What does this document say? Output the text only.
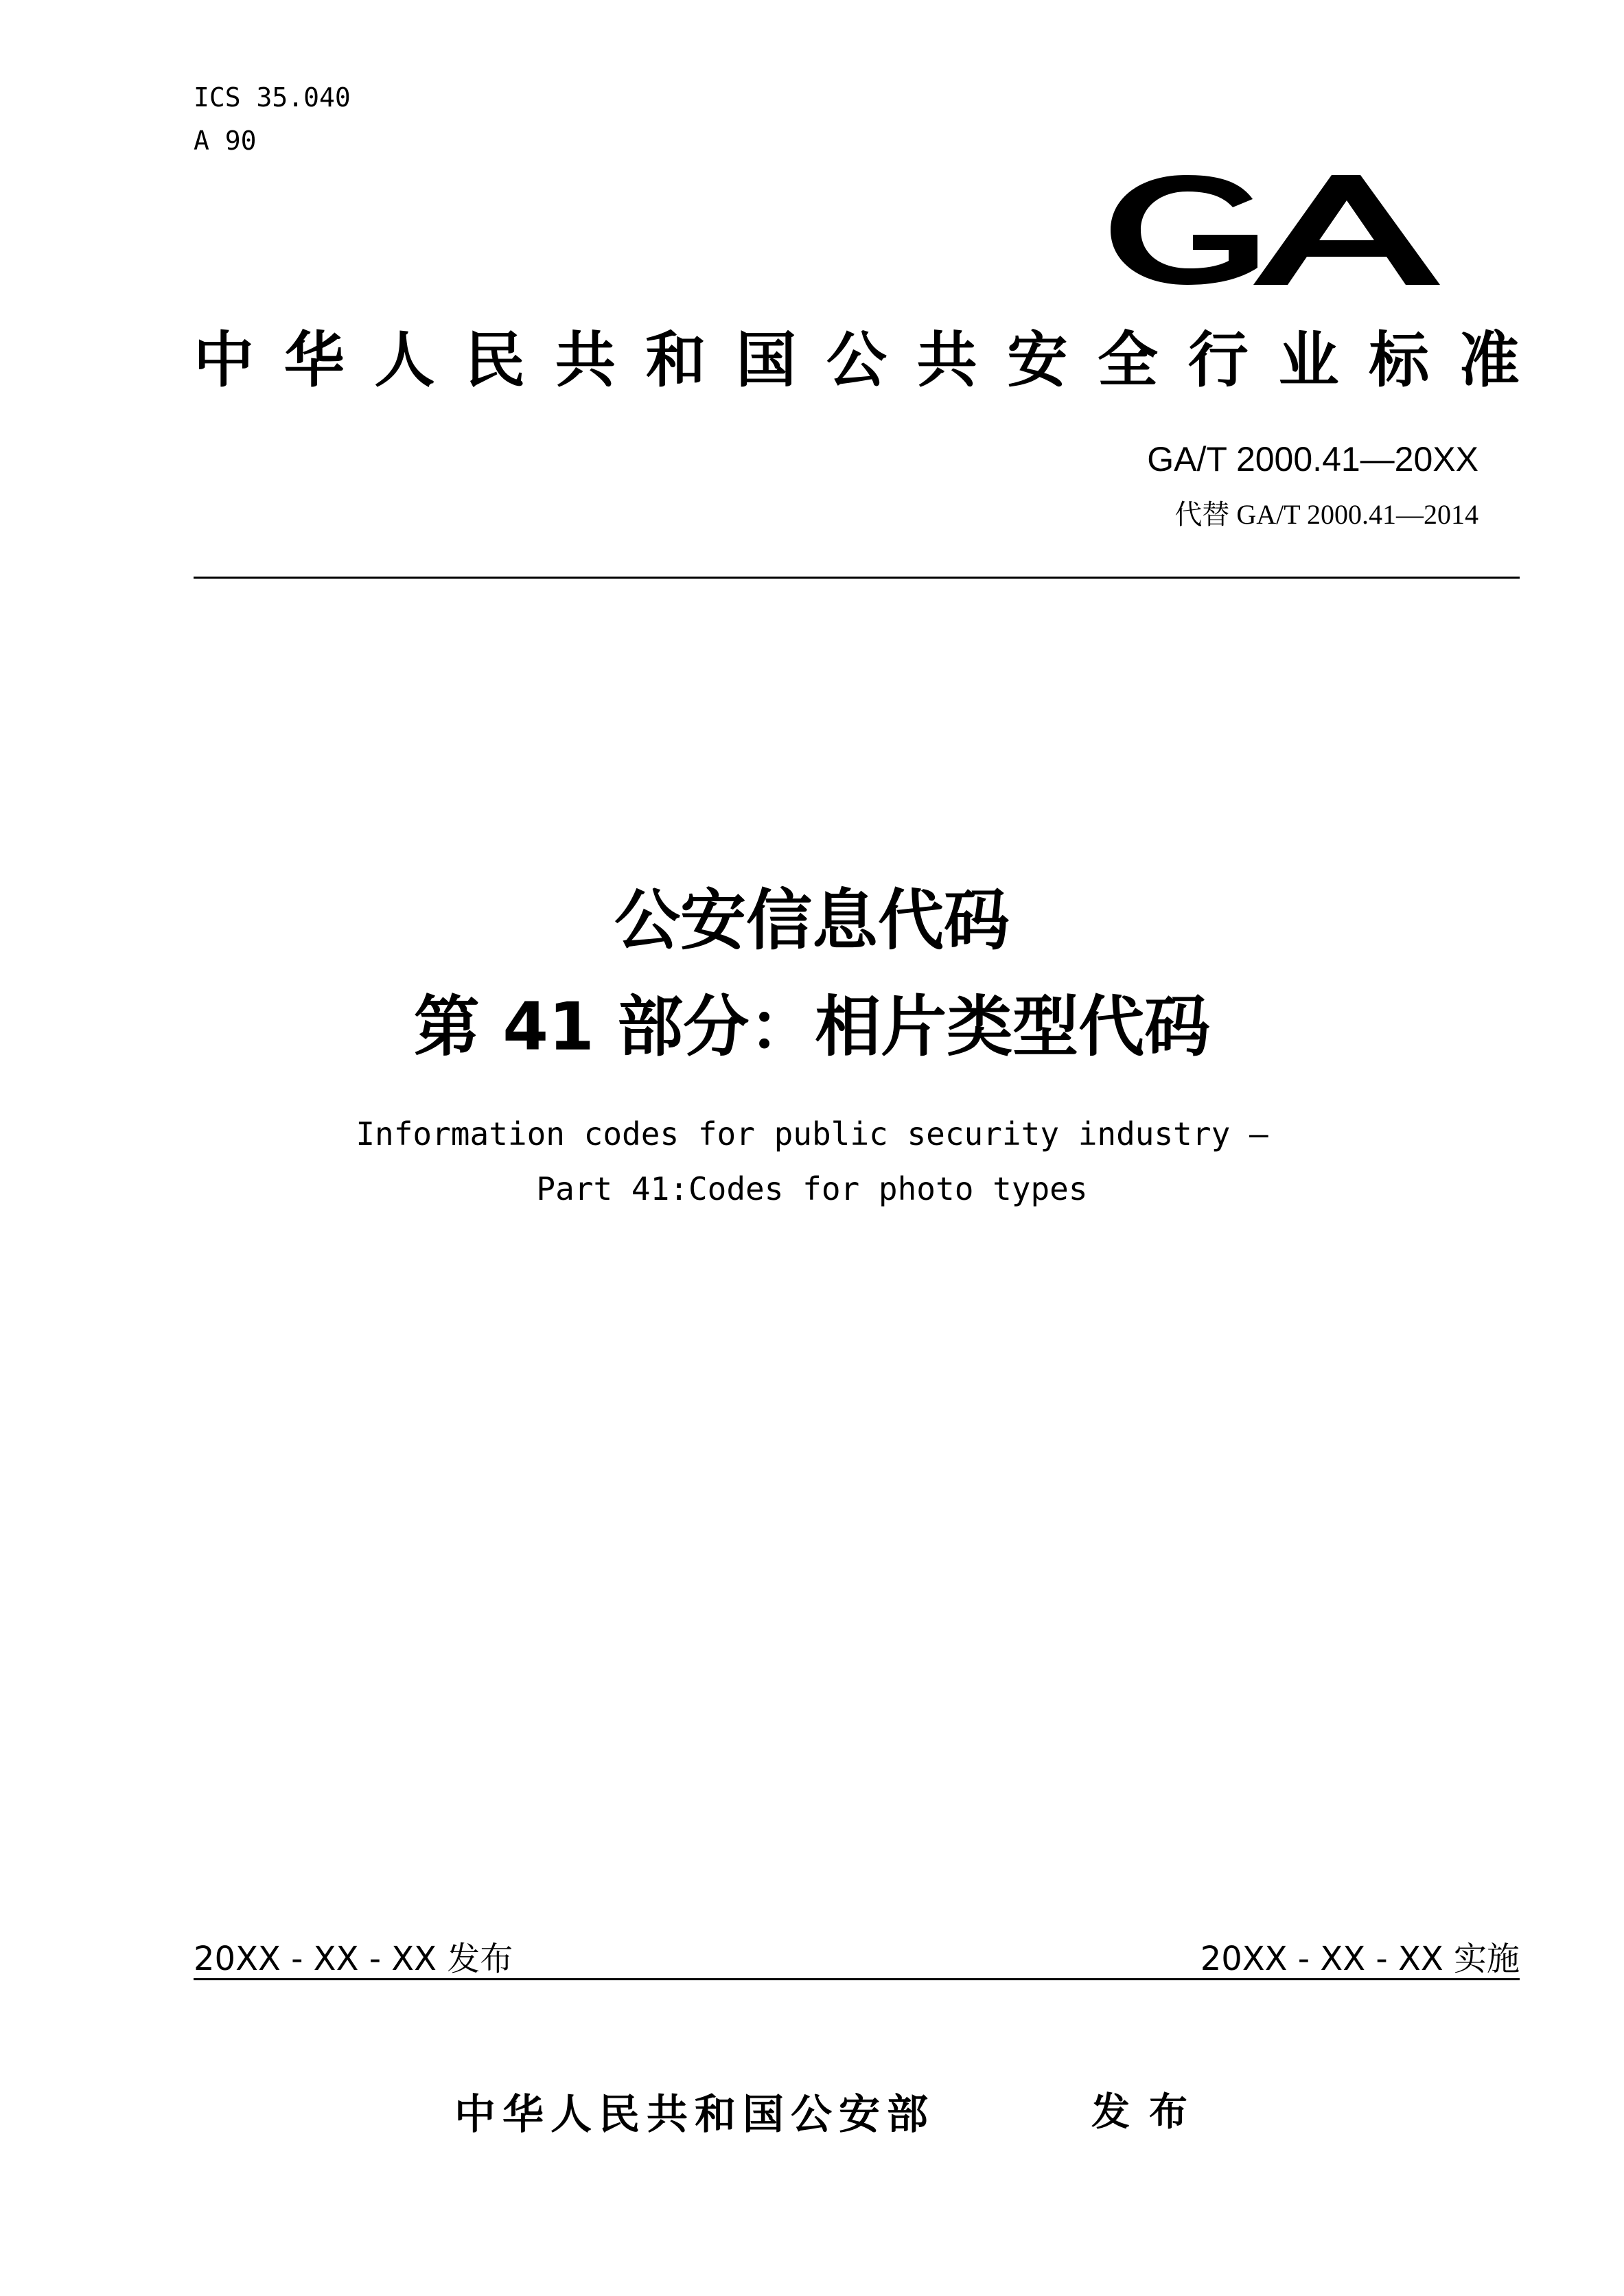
ICS 35.040
A 90
中 华 人 民 共 和 国 公 共 安 全 行 业 标 准
GA/T 2000.41—20XX
代替 GA/T 2000.41—2014
公安信息代码
第 41 部分：相片类型代码
Information codes for public security industry —
Part 41:Codes for photo types
20XX - XX - XX 发布	20XX - XX - XX 实施
中华人民共和国公安部	发布
